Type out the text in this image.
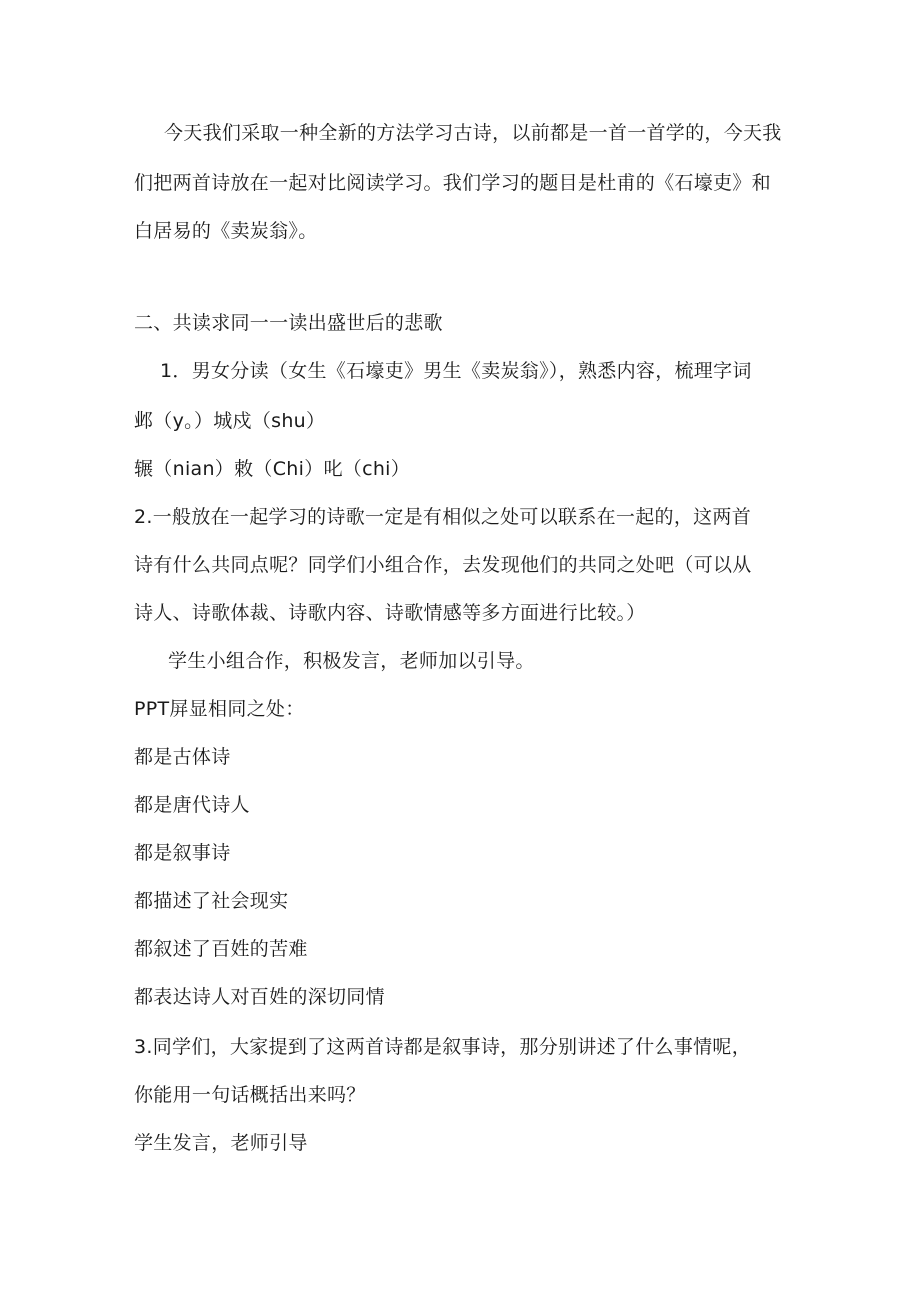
今天我们采取一种全新的方法学习古诗，以前都是一首一首学的，今天我
们把两首诗放在一起对比阅读学习。我们学习的题目是杜甫的《石壕吏》和
白居易的《卖炭翁》。
二、共读求同一一读出盛世后的悲歌
1．男女分读（女生《石壕吏》男生《卖炭翁》），熟悉内容，梳理字词
邺（y。）城戍（shu）
辗（nian）敕（Chi）叱（chi）
2.一般放在一起学习的诗歌一定是有相似之处可以联系在一起的，这两首
诗有什么共同点呢？同学们小组合作，去发现他们的共同之处吧（可以从
诗人、诗歌体裁、诗歌内容、诗歌情感等多方面进行比较。）
学生小组合作，积极发言，老师加以引导。
PPT屏显相同之处：
都是古体诗
都是唐代诗人
都是叙事诗
都描述了社会现实
都叙述了百姓的苦难
都表达诗人对百姓的深切同情
3.同学们，大家提到了这两首诗都是叙事诗，那分别讲述了什么事情呢，
你能用一句话概括出来吗？
学生发言，老师引导
